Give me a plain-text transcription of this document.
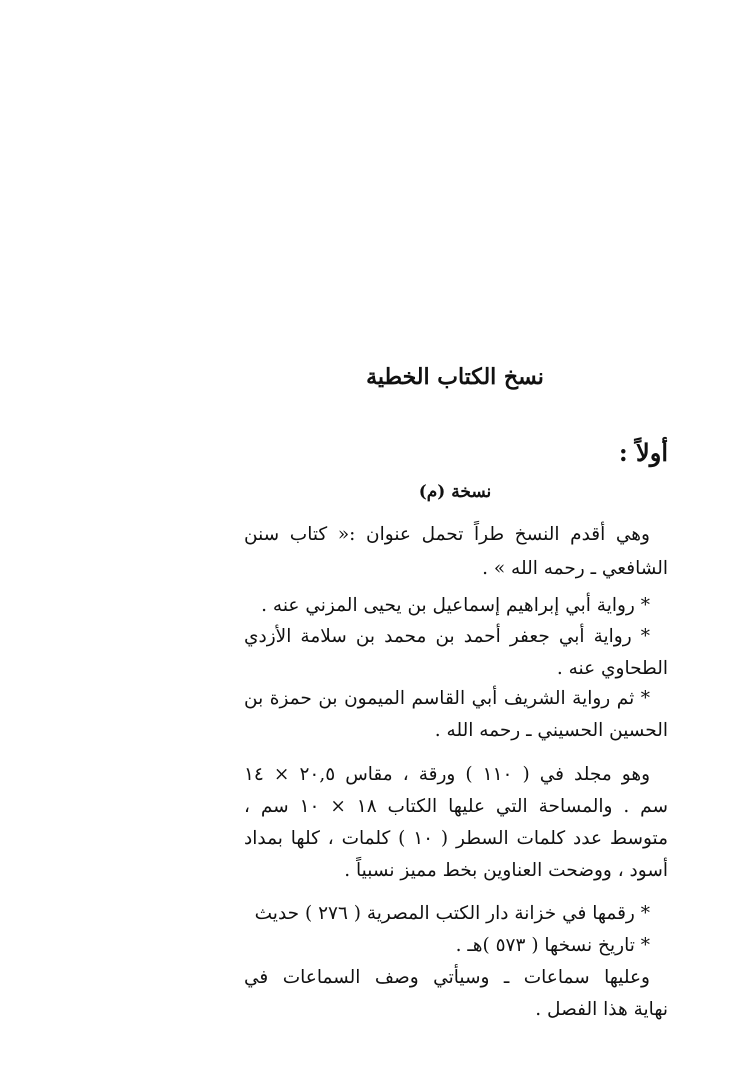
نسخ الكتاب الخطية
أولاً :
نسخة (م)
وهي أقدم النسخ طراً تحمل عنوان :« كتاب سنن
الشافعي ـ رحمه الله » .
* رواية أبي إبراهيم إسماعيل بن يحيى المزني عنه .
* رواية أبي جعفر أحمد بن محمد بن سلامة الأزدي
الطحاوي عنه .
* ثم رواية الشريف أبي القاسم الميمون بن حمزة بن
الحسين الحسيني ـ رحمه الله .
وهو مجلد في ( ١١٠ ) ورقة ، مقاس ٢٠,٥ × ١٤
سم . والمساحة التي عليها الكتاب ١٨ × ١٠ سم ،
متوسط عدد كلمات السطر ( ١٠ ) كلمات ، كلها بمداد
أسود ، ووضحت العناوين بخط مميز نسبياً .
* رقمها في خزانة دار الكتب المصرية ( ٢٧٦ ) حديث
* تاريخ نسخها ( ٥٧٣ )هـ .
وعليها سماعات ـ وسيأتي وصف السماعات في
نهاية هذا الفصل .
